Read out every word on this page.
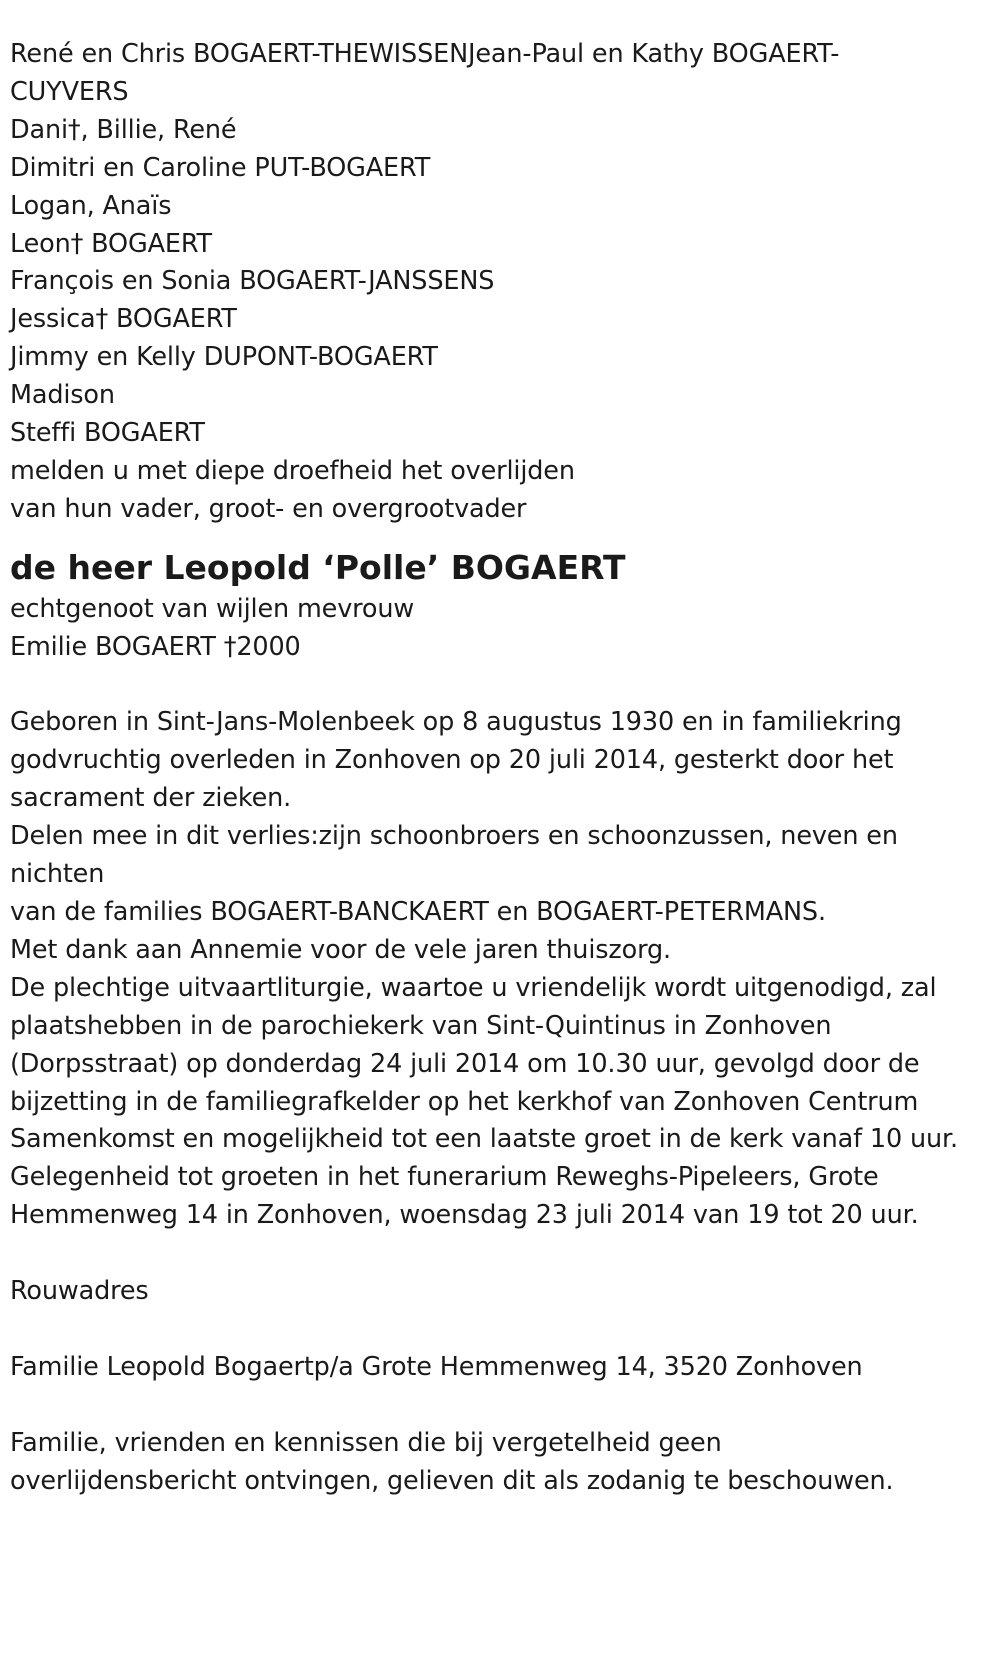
René en Chris BOGAERT-THEWISSENJean-Paul en Kathy BOGAERT-CUYVERS
Dani†, Billie, René
Dimitri en Caroline PUT-BOGAERT
Logan, Anaïs
Leon† BOGAERT
François en Sonia BOGAERT-JANSSENS
Jessica† BOGAERT
Jimmy en Kelly DUPONT-BOGAERT
Madison
Steffi BOGAERT
melden u met diepe droefheid het overlijden
van hun vader, groot- en overgrootvader
de heer Leopold ‘Polle’ BOGAERT
echtgenoot van wijlen mevrouw
Emilie BOGAERT †2000
Geboren in Sint-Jans-Molenbeek op 8 augustus 1930 en in familiekring godvruchtig overleden in Zonhoven op 20 juli 2014, gesterkt door het sacrament der zieken.
Delen mee in dit verlies:zijn schoonbroers en schoonzussen, neven en nichten
van de families BOGAERT-BANCKAERT en BOGAERT-PETERMANS.
Met dank aan Annemie voor de vele jaren thuiszorg.
De plechtige uitvaartliturgie, waartoe u vriendelijk wordt uitgenodigd, zal plaatshebben in de parochiekerk van Sint-Quintinus in Zonhoven (Dorpsstraat) op donderdag 24 juli 2014 om 10.30 uur, gevolgd door de bijzetting in de familiegrafkelder op het kerkhof van Zonhoven Centrum
Samenkomst en mogelijkheid tot een laatste groet in de kerk vanaf 10 uur.
Gelegenheid tot groeten in het funerarium Reweghs-Pipeleers, Grote Hemmenweg 14 in Zonhoven, woensdag 23 juli 2014 van 19 tot 20 uur.
Rouwadres
Familie Leopold Bogaertp/a Grote Hemmenweg 14, 3520 Zonhoven
Familie, vrienden en kennissen die bij vergetelheid geen overlijdensbericht ontvingen, gelieven dit als zodanig te beschouwen.
